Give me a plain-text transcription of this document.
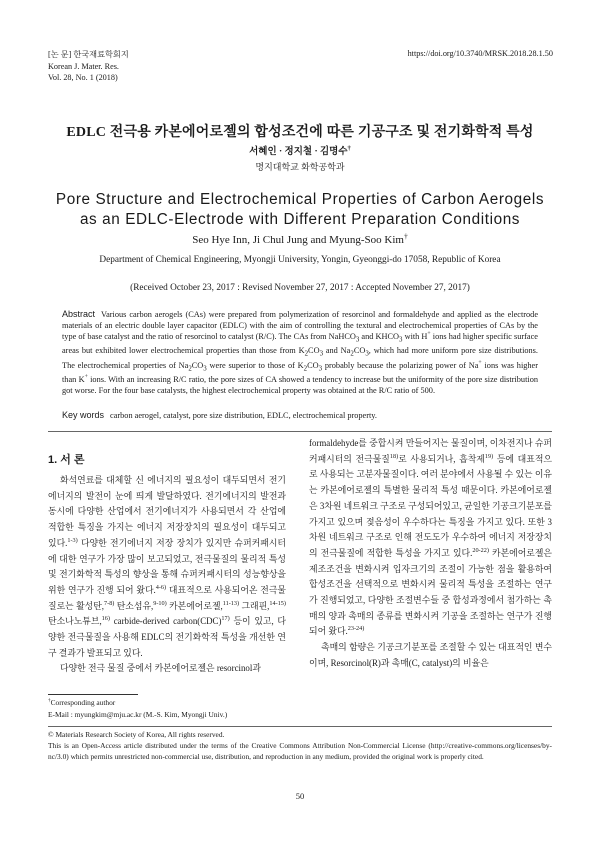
[논 문] 한국재료학회지
Korean J. Mater. Res.
Vol. 28, No. 1 (2018)
https://doi.org/10.3740/MRSK.2018.28.1.50
EDLC 전극용 카본에어로젤의 합성조건에 따른 기공구조 및 전기화학적 특성
서혜인 · 정지철 · 김명수†
명지대학교 화학공학과
Pore Structure and Electrochemical Properties of Carbon Aerogels
as an EDLC-Electrode with Different Preparation Conditions
Seo Hye Inn, Ji Chul Jung and Myung-Soo Kim†
Department of Chemical Engineering, Myongji University, Yongin, Gyeonggi-do 17058, Republic of Korea
(Received October 23, 2017 : Revised November 27, 2017 : Accepted November 27, 2017)
Abstract Various carbon aerogels (CAs) were prepared from polymerization of resorcinol and formaldehyde and applied as the electrode materials of an electric double layer capacitor (EDLC) with the aim of controlling the textural and electrochemical properties of CAs by the type of base catalyst and the ratio of resorcinol to catalyst (R/C). The CAs from NaHCO$_3$ and $KHCO_3$ with H+ ions had higher specific surface areas but exhibited lower electrochemical properties than those from $K_2CO_3$ and $Na_2CO_3$, which had more uniform pore size distributions. The electrochemical properties of $Na_2CO_3$ were superior to those of $K_2CO_3$ probably because the polarizing power of Na+ ions was higher than K+ ions. With an increasing R/C ratio, the pore sizes of CA showed a tendency to increase but the uniformity of the pore size distribution got worse. For the four base catalysts, the highest electrochemical property was obtained at the R/C ratio of 500.
Key words carbon aerogel, catalyst, pore size distribution, EDLC, electrochemical property.
1. 서 론

화석연료를 대체할 신 에너지의 필요성이 대두되면서 전기에너지의 발전이 눈에 띄게 발달하였다. 전기에너지의 발전과 동시에 다양한 산업에서 전기에너지가 사용되면서 각 산업에 적합한 특징을 가지는 에너지 저장장치의 필요성이 대두되고 있다.$^{1-3)}$ 다양한 전기에너지 저장 장치가 있지만 슈퍼커패시터에 대한 연구가 가장 많이 보고되었고, 전극물질의 물리적 특성 및 전기화학적 특성의 향상을 통해 슈퍼커패시터의 성능향상을 위한 연구가 진행 되어 왔다.$^{4-6)}$ 대표적으로 사용되어온 전극물질로는 활성탄,$^{7-8)}$ 탄소섬유,$^{9-10)}$ 카본에어로젤,$^{11-13)}$ 그래핀,$^{14-15)}$ 탄소나노튜브,$^{16)}$ carbide-derived carbon(CDC)$^{17)}$ 등이 있고, 다양한 전극물질을 사용해 EDLC의 전기화학적 특성을 개선한 연구 결과가 발표되고 있다.

다양한 전극 물질 중에서 카본에어로젤은 resorcinol과

formaldehyde를 중합시켜 만들어지는 물질이며, 이차전지나 슈퍼커패시터의 전극물질$^{18)}$로 사용되거나, 흡착제$^{19)}$ 등에 대표적으로 사용되는 고분자물질이다. 여러 분야에서 사용될 수 있는 이유는 카본에어로젤의 특별한 물리적 특성 때문이다. 카본에어로젤은 3차원 네트워크 구조로 구성되어있고, 균일한 기공크기분포를 가지고 있으며 젖음성이 우수하다는 특징을 가지고 있다. 또한 3차원 네트워크 구조로 인해 전도도가 우수하여 에너지 저장장치의 전극물질에 적합한 특성을 가지고 있다.$^{20-22)}$ 카본에어로젤은 제조조건을 변화시켜 입자크기의 조절이 가능한 점을 활용하여 합성조건을 선택적으로 변화시켜 물리적 특성을 조절하는 연구가 진행되었고, 다양한 조절변수들 중 합성과정에서 첨가하는 촉매의 양과 촉매의 종류를 변화시켜 기공을 조절하는 연구가 진행되어 왔다.$^{23-24)}$

촉매의 함량은 기공크기분포를 조절할 수 있는 대표적인 변수이며, Resorcinol(R)과 촉매(C, catalyst)의 비율은

†Corresponding author
E-Mail : myungkim@mju.ac.kr (M.-S. Kim, Myongji Univ.)
© Materials Research Society of Korea, All rights reserved.
This is an Open-Access article distributed under the terms of the Creative Commons Attribution Non-Commercial License (http://creative-commons.org/licenses/by-nc/3.0) which permits unrestricted non-commercial use, distribution, and reproduction in any medium, provided the original work is properly cited.
50
